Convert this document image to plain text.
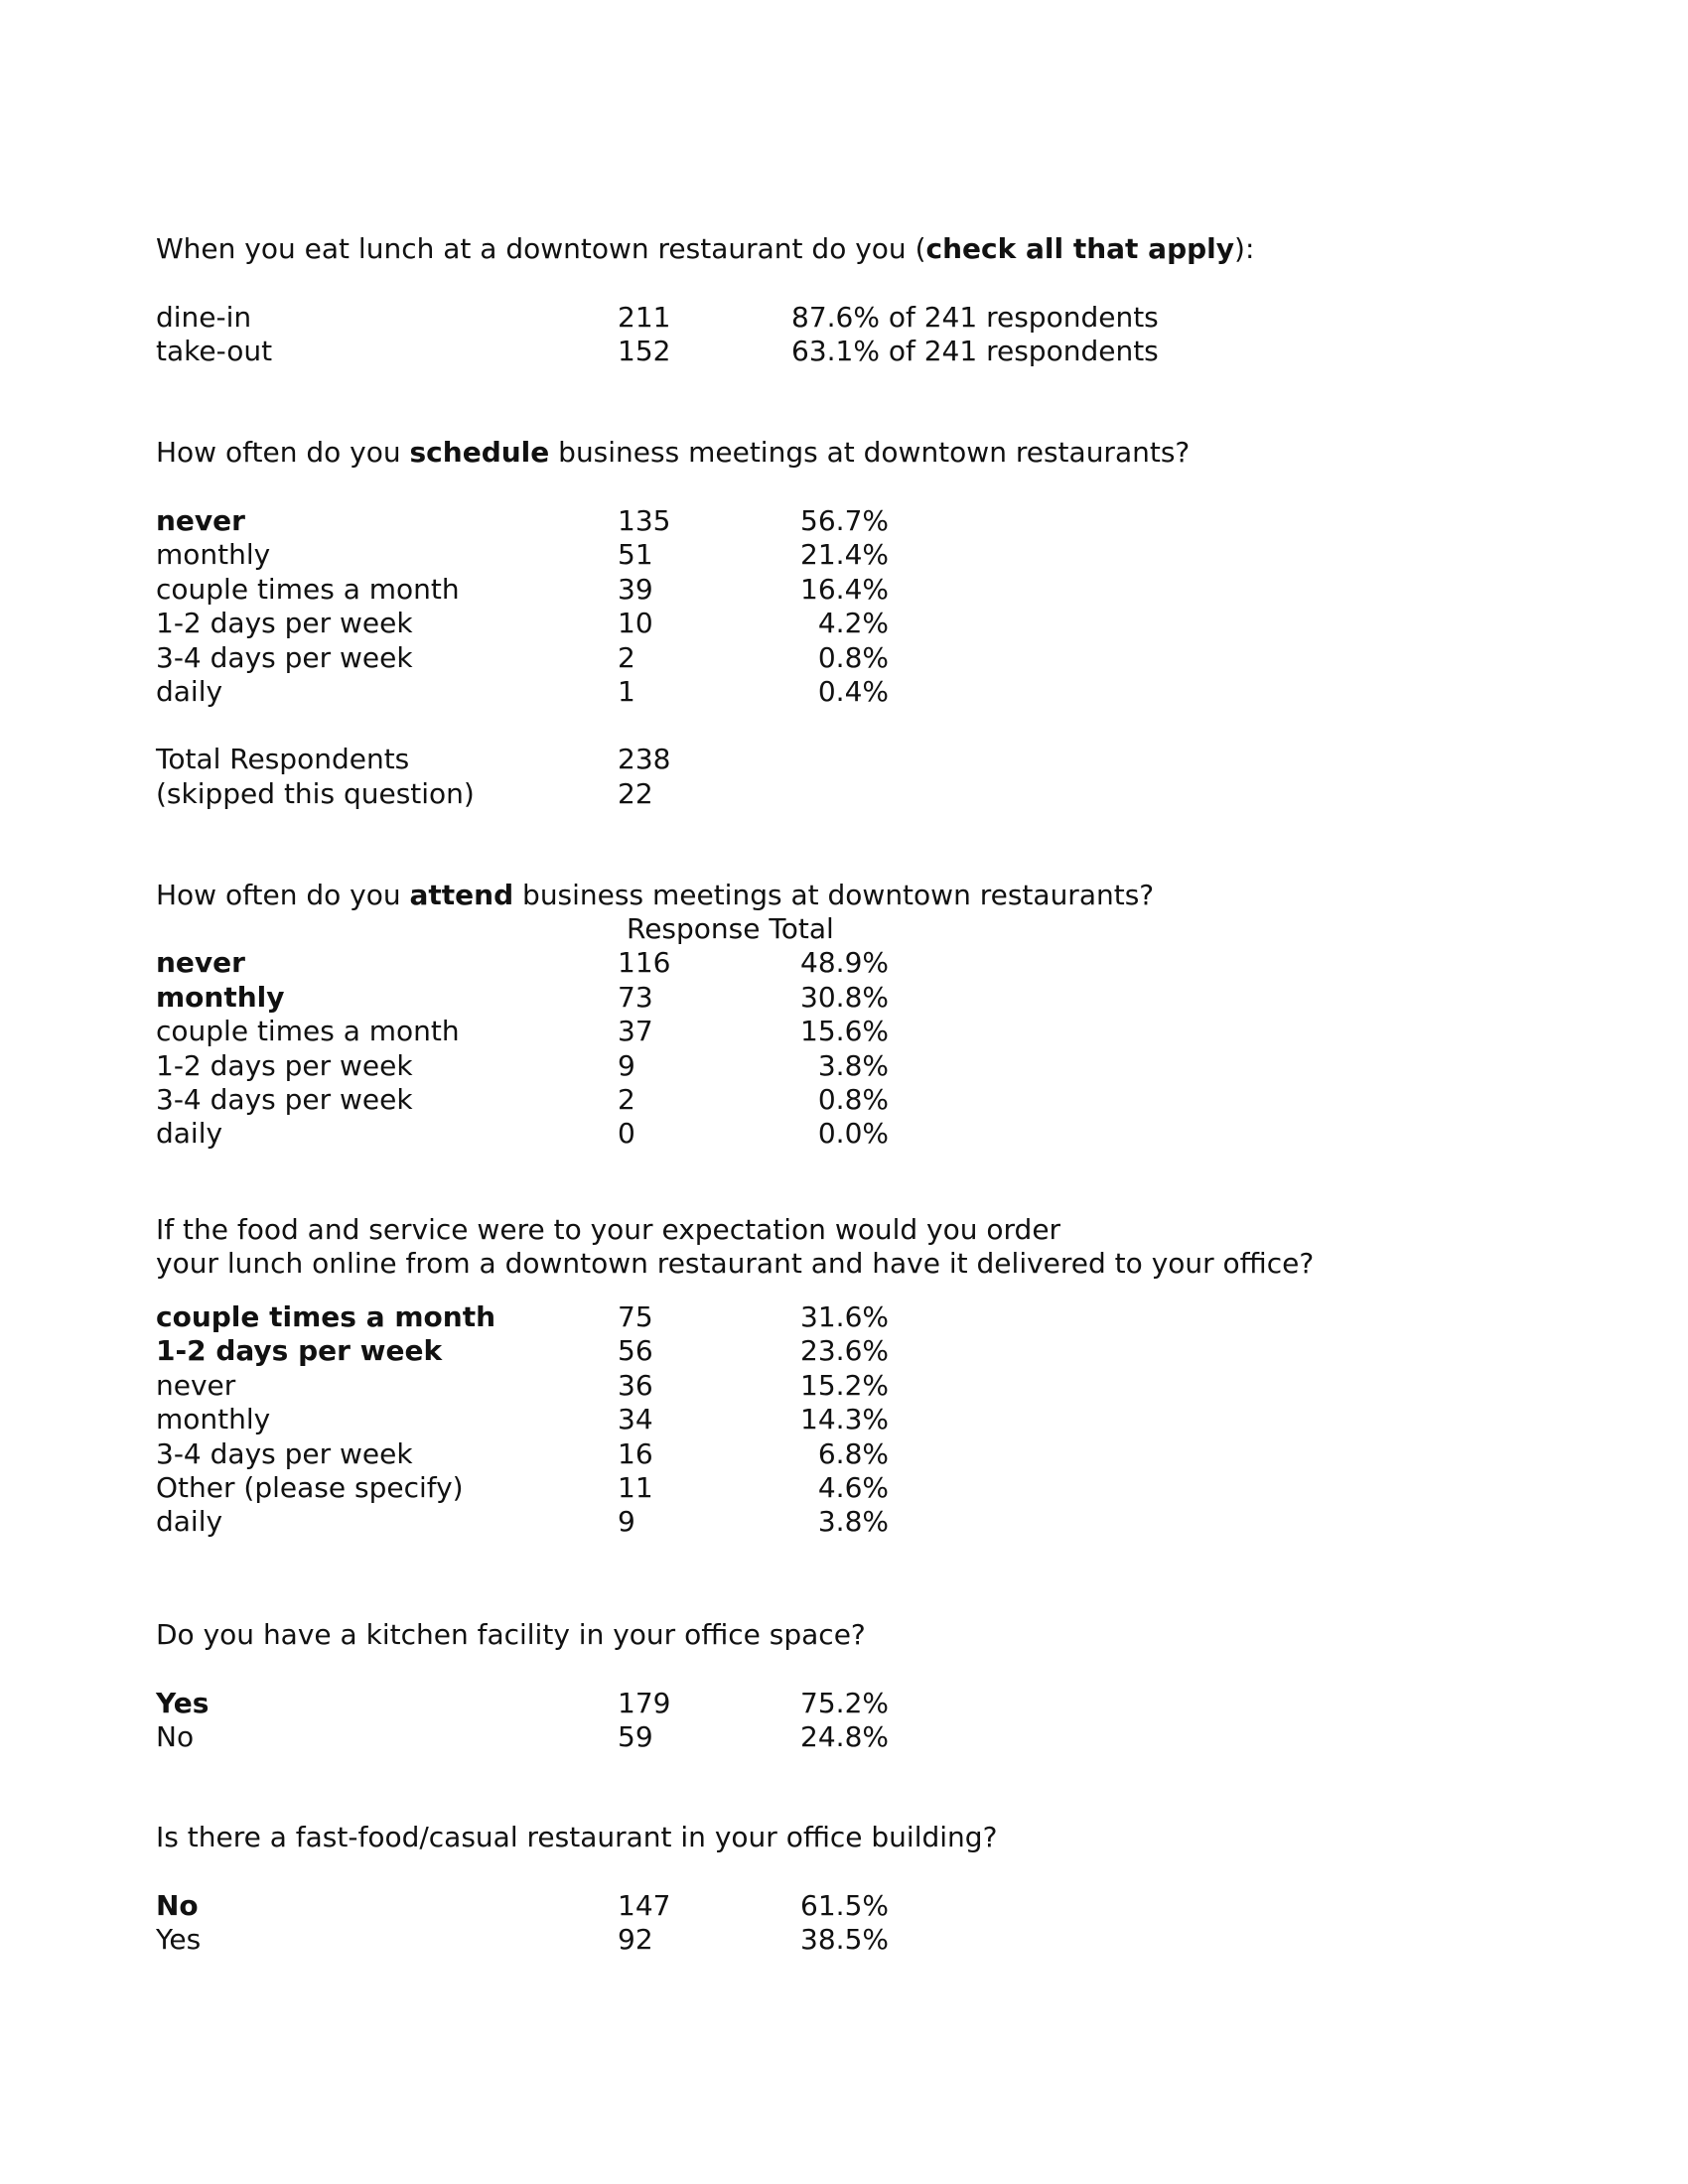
When you eat lunch at a downtown restaurant do you (check all that apply):
dine-in	211	87.6% of 241 respondents
take-out	152	63.1% of 241 respondents
How often do you schedule business meetings at downtown restaurants?
never	135	56.7%
monthly	51	21.4%
couple times a month	39	16.4%
1-2 days per week	10	4.2%
3-4 days per week	2	0.8%
daily	1	0.4%
Total Respondents	238
(skipped this question)	22
How often do you attend business meetings at downtown restaurants?
Response Total
never	116	48.9%
monthly	73	30.8%
couple times a month	37	15.6%
1-2 days per week	9	3.8%
3-4 days per week	2	0.8%
daily	0	0.0%
If the food and service were to your expectation would you order
your lunch online from a downtown restaurant and have it delivered to your office?
couple times a month	75	31.6%
1-2 days per week	56	23.6%
never	36	15.2%
monthly	34	14.3%
3-4 days per week	16	6.8%
Other (please specify)	11	4.6%
daily	9	3.8%
Do you have a kitchen facility in your office space?
Yes	179	75.2%
No	59	24.8%
Is there a fast-food/casual restaurant in your office building?
No	147	61.5%
Yes	92	38.5%
